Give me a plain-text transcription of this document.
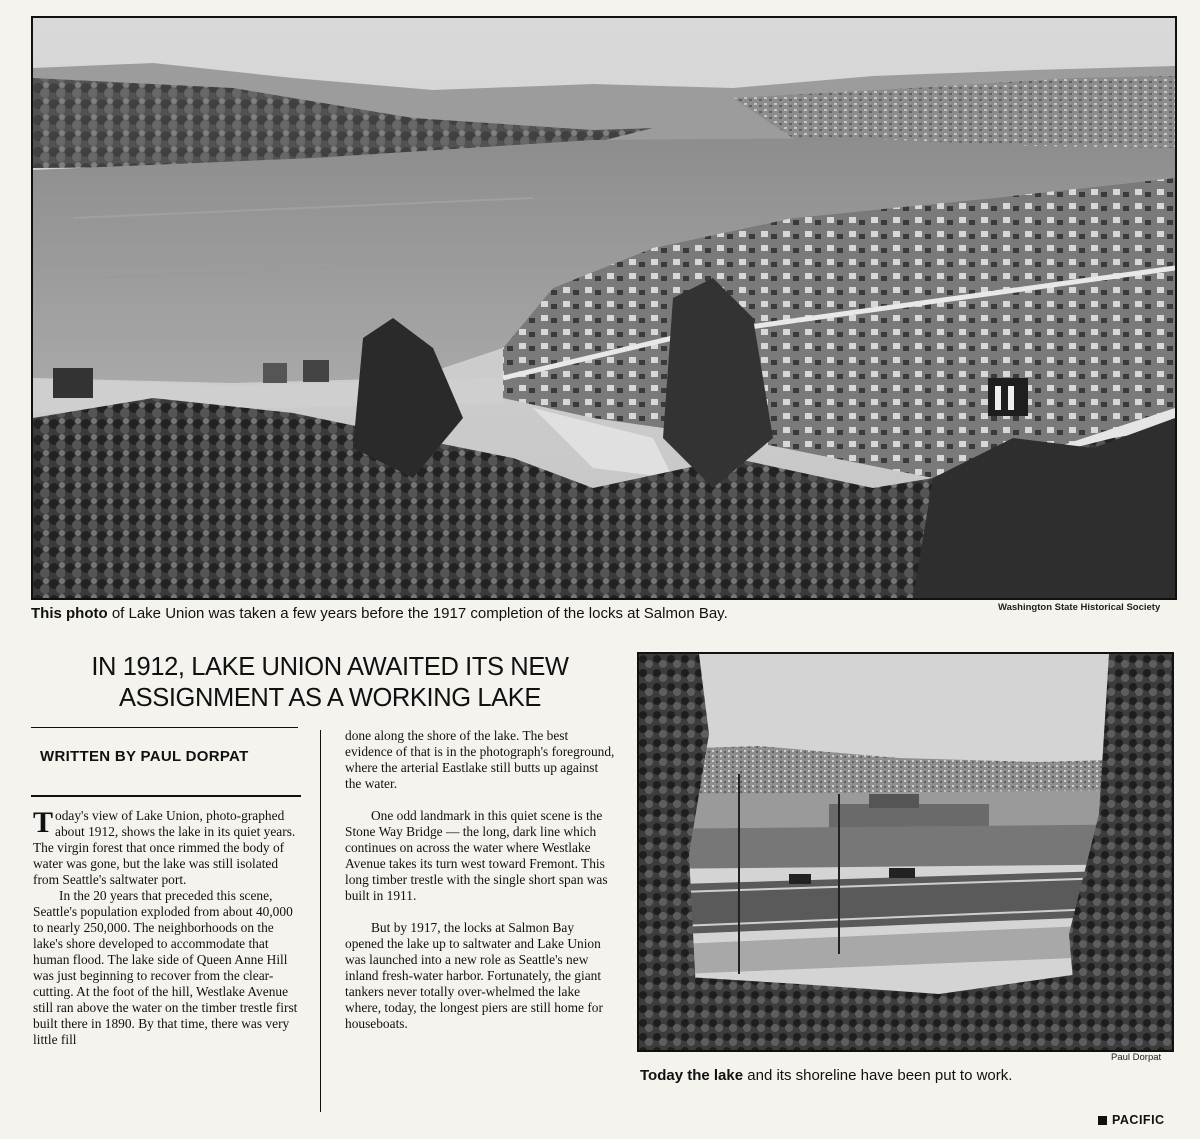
This photo of Lake Union was taken a few years before the 1917 completion of the locks at Salmon Bay.	Washington State Historical Society
IN 1912, LAKE UNION AWAITED ITS NEW
ASSIGNMENT AS A WORKING LAKE
WRITTEN BY PAUL DORPAT

Today's view of Lake Union, photo-graphed about 1912, shows the lake in its quiet years. The virgin forest that once rimmed the body of water was gone, but the lake was still isolated from Seattle's saltwater port.

In the 20 years that preceded this scene, Seattle's population exploded from about 40,000 to nearly 250,000. The neighborhoods on the lake's shore developed to accommodate that human flood. The lake side of Queen Anne Hill was just beginning to recover from the clear-cutting. At the foot of the hill, Westlake Avenue still ran above the water on the timber trestle first built there in 1890. By that time, there was very little fill

done along the shore of the lake. The best evidence of that is in the photograph's foreground, where the arterial Eastlake still butts up against the water.

One odd landmark in this quiet scene is the Stone Way Bridge — the long, dark line which continues on across the water where Westlake Avenue takes its turn west toward Fremont. This long timber trestle with the single short span was built in 1911.

But by 1917, the locks at Salmon Bay opened the lake up to saltwater and Lake Union was launched into a new role as Seattle's new inland fresh-water harbor. Fortunately, the giant tankers never totally over-whelmed the lake where, today, the longest piers are still home for houseboats.

Paul Dorpat
Today the lake and its shoreline have been put to work.
PACIFIC
